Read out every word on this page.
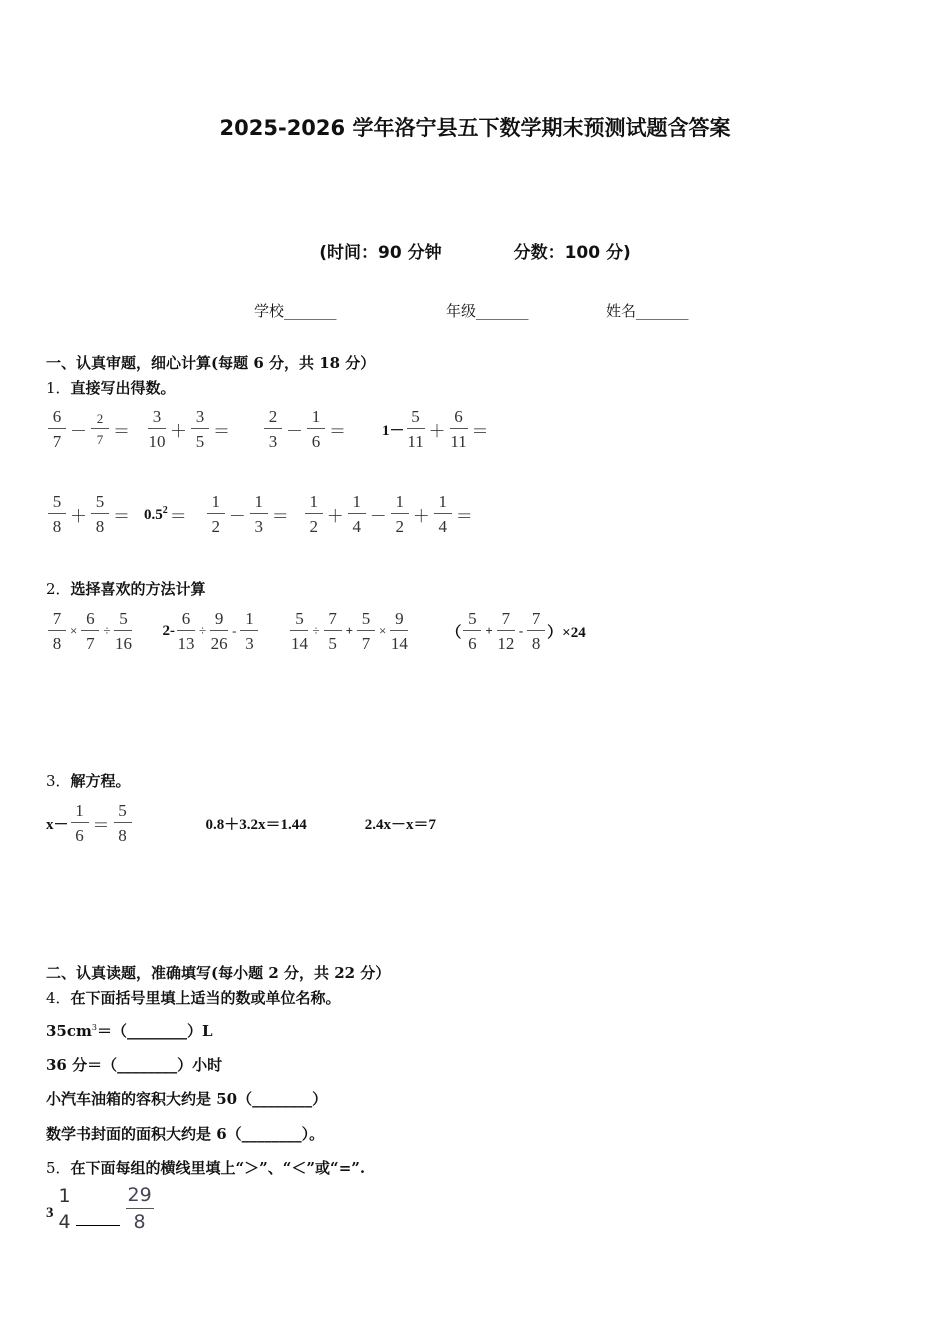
2025-2026 学年洛宁县五下数学期末预测试题含答案
(时间：90 分钟	分数：100 分)
学校_______	年级_______	姓名_______
一、认真审题，细心计算(每题 6 分，共 18 分）
1．直接写出得数。
$\frac{6}{7} - \frac{2}{7} = \frac{3}{10} + \frac{3}{5} = \frac{2}{3} - \frac{1}{6} = 1- \frac{5}{11} + \frac{6}{11}$ ＝
$\frac{5}{8} + \frac{5}{8} = 0.5^2 = \frac{1}{2} - \frac{1}{3} = \frac{1}{2} + \frac{1}{4} - \frac{1}{2} + \frac{1}{4}$ ＝
2．选择喜欢的方法计算
$\frac{7}{8} \times \frac{6}{7} \div \frac{5}{16} 2- \frac{6}{13} \div \frac{9}{26} - \frac{1}{3} \frac{5}{14} \div \frac{7}{5} + \frac{5}{7} \times \frac{9}{14}$	（ $\frac{5}{6} + \frac{7}{12} - \frac{7}{8} )\times 24$
3．解方程。
$x- \frac{1}{6} = \frac{5}{8}$	0.8＋3.2x＝1.44	2.4x－x＝7
二、认真读题，准确填写(每小题 2 分，共 22 分）
4．在下面括号里填上适当的数或单位名称。
$35cm^3=(\_\_\_\_\_\_\_\_)L$
36 分＝（________）小时
小汽车油箱的容积大约是 50（________）
数学书封面的面积大约是 6（________）。
5．在下面每组的横线里填上“＞”、“＜”或“=”.
3
1
4	$\frac{29}{8}$
